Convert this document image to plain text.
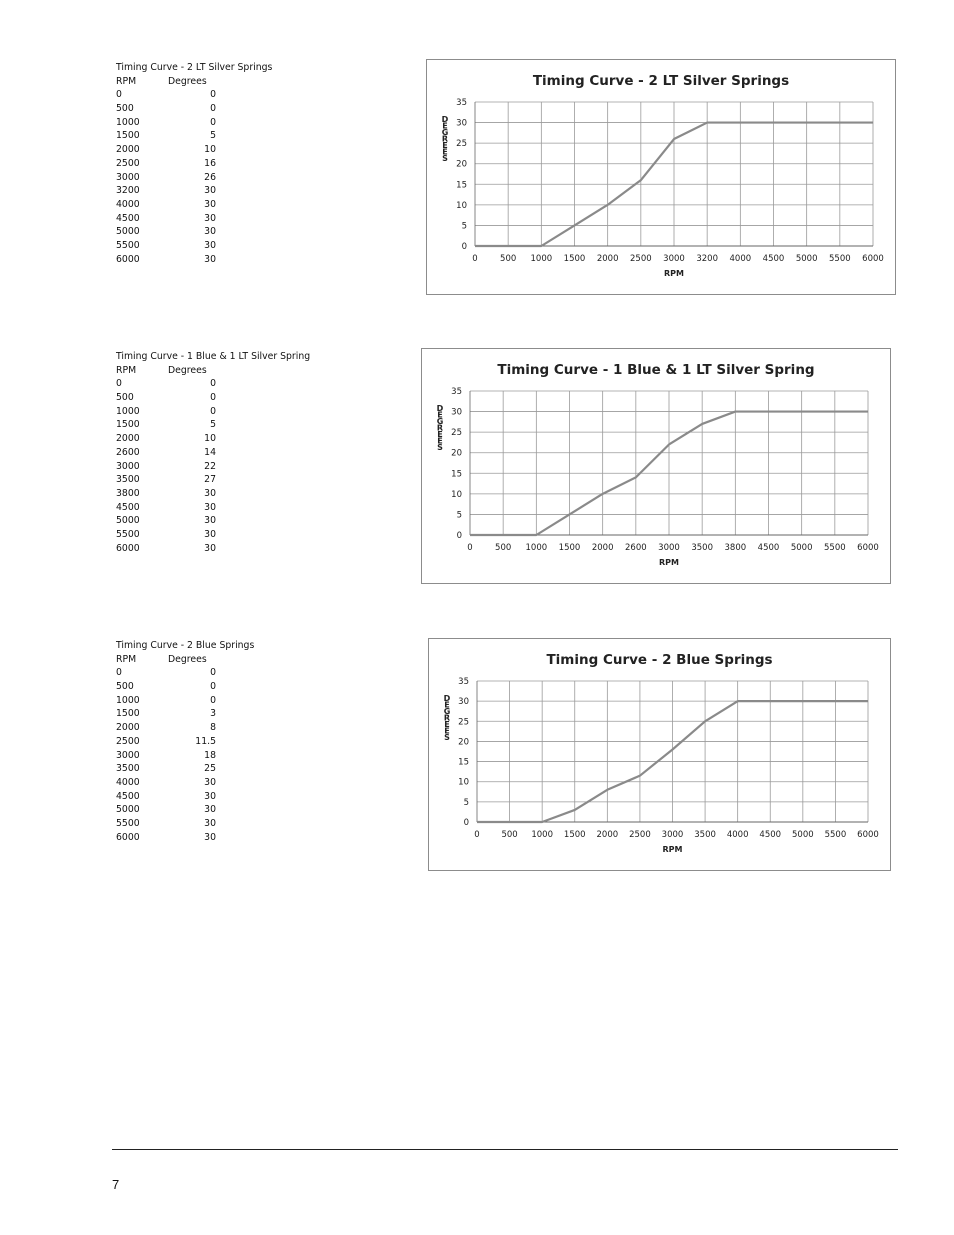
Timing Curve - 2 LT Silver Springs
RPM	Degrees
0	0
500	0
1000	0
1500	5
2000	10
2500	16
3000	26
3200	30
4000	30
4500	30
5000	30
5500	30
6000	30
Timing Curve - 2 LT Silver Springs
0
5
10
15
20
25
30
35
0	500 1000 1500 2000 2500 3000 3200 4000 4500 5000 5500 6000
RPM
D E G R E E S
Timing Curve - 1 Blue & 1 LT Silver Spring
RPM	Degrees
0	0
500	0
1000	0
1500	5
2000	10
2600	14
3000	22
3500	27
3800	30
4500	30
5000	30
5500	30
6000	30
Timing Curve - 1 Blue & 1 LT Silver Spring
0
5
10
15
20
25
30
35
0	500 1000 1500 2000 2600 3000 3500 3800 4500 5000 5500 6000
RPM
D E G R E E S
Timing Curve - 2 Blue Springs
RPM	Degrees
0	0
500	0
1000	0
1500	3
2000	8
2500	11.5
3000	18
3500	25
4000	30
4500	30
5000	30
5500	30
6000	30
Timing Curve - 2 Blue Springs
0
5
10
15
20
25
30
35
0	500 1000 1500 2000 2500 3000 3500 4000 4500 5000 5500 6000
RPM
D E G R E E S
7
